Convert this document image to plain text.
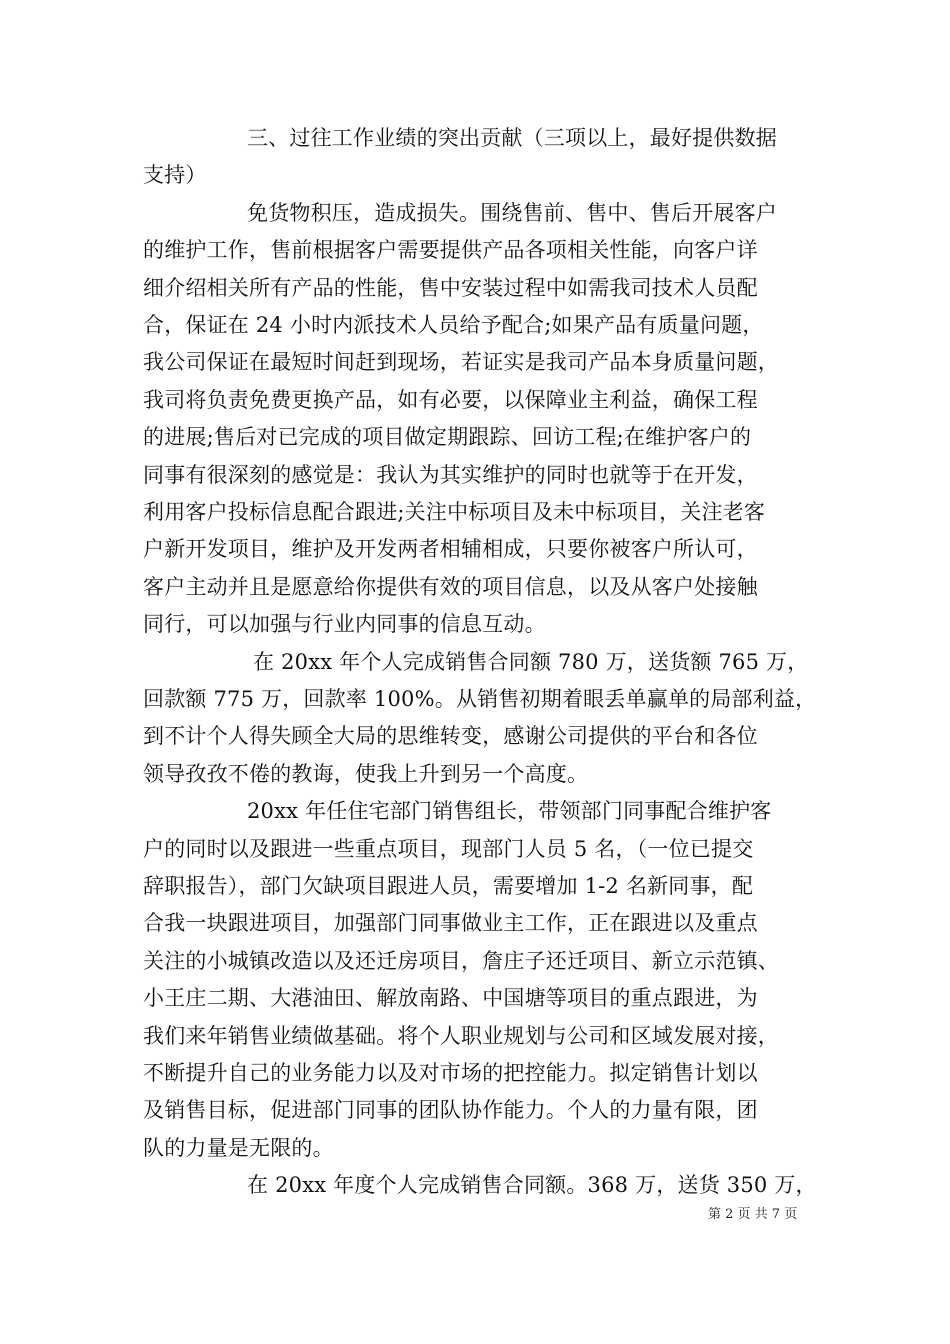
三、过往工作业绩的突出贡献（三项以上，最好提供数据
支持）
免货物积压，造成损失。围绕售前、售中、售后开展客户
的维护工作，售前根据客户需要提供产品各项相关性能，向客户详
细介绍相关所有产品的性能，售中安装过程中如需我司技术人员配
合，保证在 24 小时内派技术人员给予配合;如果产品有质量问题，
我公司保证在最短时间赶到现场，若证实是我司产品本身质量问题，
我司将负责免费更换产品，如有必要，以保障业主利益，确保工程
的进展;售后对已完成的项目做定期跟踪、回访工程;在维护客户的
同事有很深刻的感觉是：我认为其实维护的同时也就等于在开发，
利用客户投标信息配合跟进;关注中标项目及未中标项目，关注老客
户新开发项目，维护及开发两者相辅相成，只要你被客户所认可，
客户主动并且是愿意给你提供有效的项目信息，以及从客户处接触
同行，可以加强与行业内同事的信息互动。
在 20xx 年个人完成销售合同额 780 万，送货额 765 万，
回款额 775 万，回款率 100%。从销售初期着眼丢单赢单的局部利益，
到不计个人得失顾全大局的思维转变，感谢公司提供的平台和各位
领导孜孜不倦的教诲，使我上升到另一个高度。
20xx 年任住宅部门销售组长，带领部门同事配合维护客
户的同时以及跟进一些重点项目，现部门人员 5 名，（一位已提交
辞职报告），部门欠缺项目跟进人员，需要增加 1-2 名新同事，配
合我一块跟进项目，加强部门同事做业主工作，正在跟进以及重点
关注的小城镇改造以及还迁房项目，詹庄子还迁项目、新立示范镇、
小王庄二期、大港油田、解放南路、中国塘等项目的重点跟进，为
我们来年销售业绩做基础。将个人职业规划与公司和区域发展对接，
不断提升自己的业务能力以及对市场的把控能力。拟定销售计划以
及销售目标，促进部门同事的团队协作能力。个人的力量有限，团
队的力量是无限的。
在 20xx 年度个人完成销售合同额。368 万，送货 350 万，
第 2 页 共 7 页
